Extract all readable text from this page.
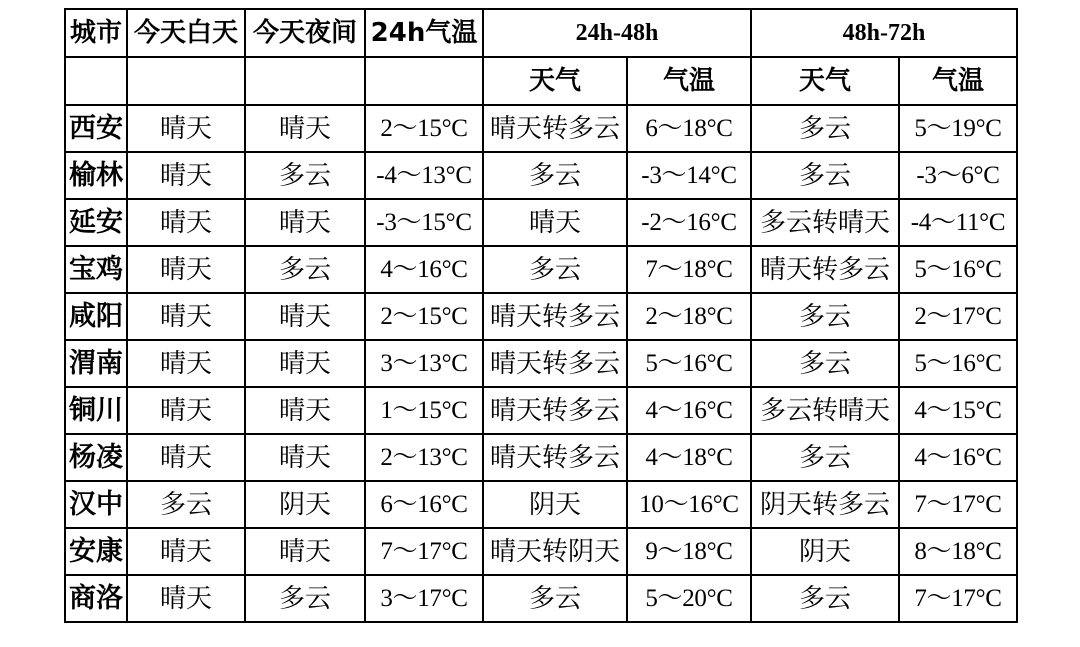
城市	今天白天	今天夜间	24h气温	24h-48h		48h-72h	
				天气	气温	天气	气温
西安	晴天	晴天	2～15°C	晴天转多云	6～18°C	多云	5～19°C
榆林	晴天	多云	-4～13°C	多云	-3～14°C	多云	-3～6°C
延安	晴天	晴天	-3～15°C	晴天	-2～16°C	多云转晴天	-4～11°C
宝鸡	晴天	多云	4～16°C	多云	7～18°C	晴天转多云	5～16°C
咸阳	晴天	晴天	2～15°C	晴天转多云	2～18°C	多云	2～17°C
渭南	晴天	晴天	3～13°C	晴天转多云	5～16°C	多云	5～16°C
铜川	晴天	晴天	1～15°C	晴天转多云	4～16°C	多云转晴天	4～15°C
杨凌	晴天	晴天	2～13°C	晴天转多云	4～18°C	多云	4～16°C
汉中	多云	阴天	6～16°C	阴天	10～16°C	阴天转多云	7～17°C
安康	晴天	晴天	7～17°C	晴天转阴天	9～18°C	阴天	8～18°C
商洛	晴天	多云	3～17°C	多云	5～20°C	多云	7～17°C
